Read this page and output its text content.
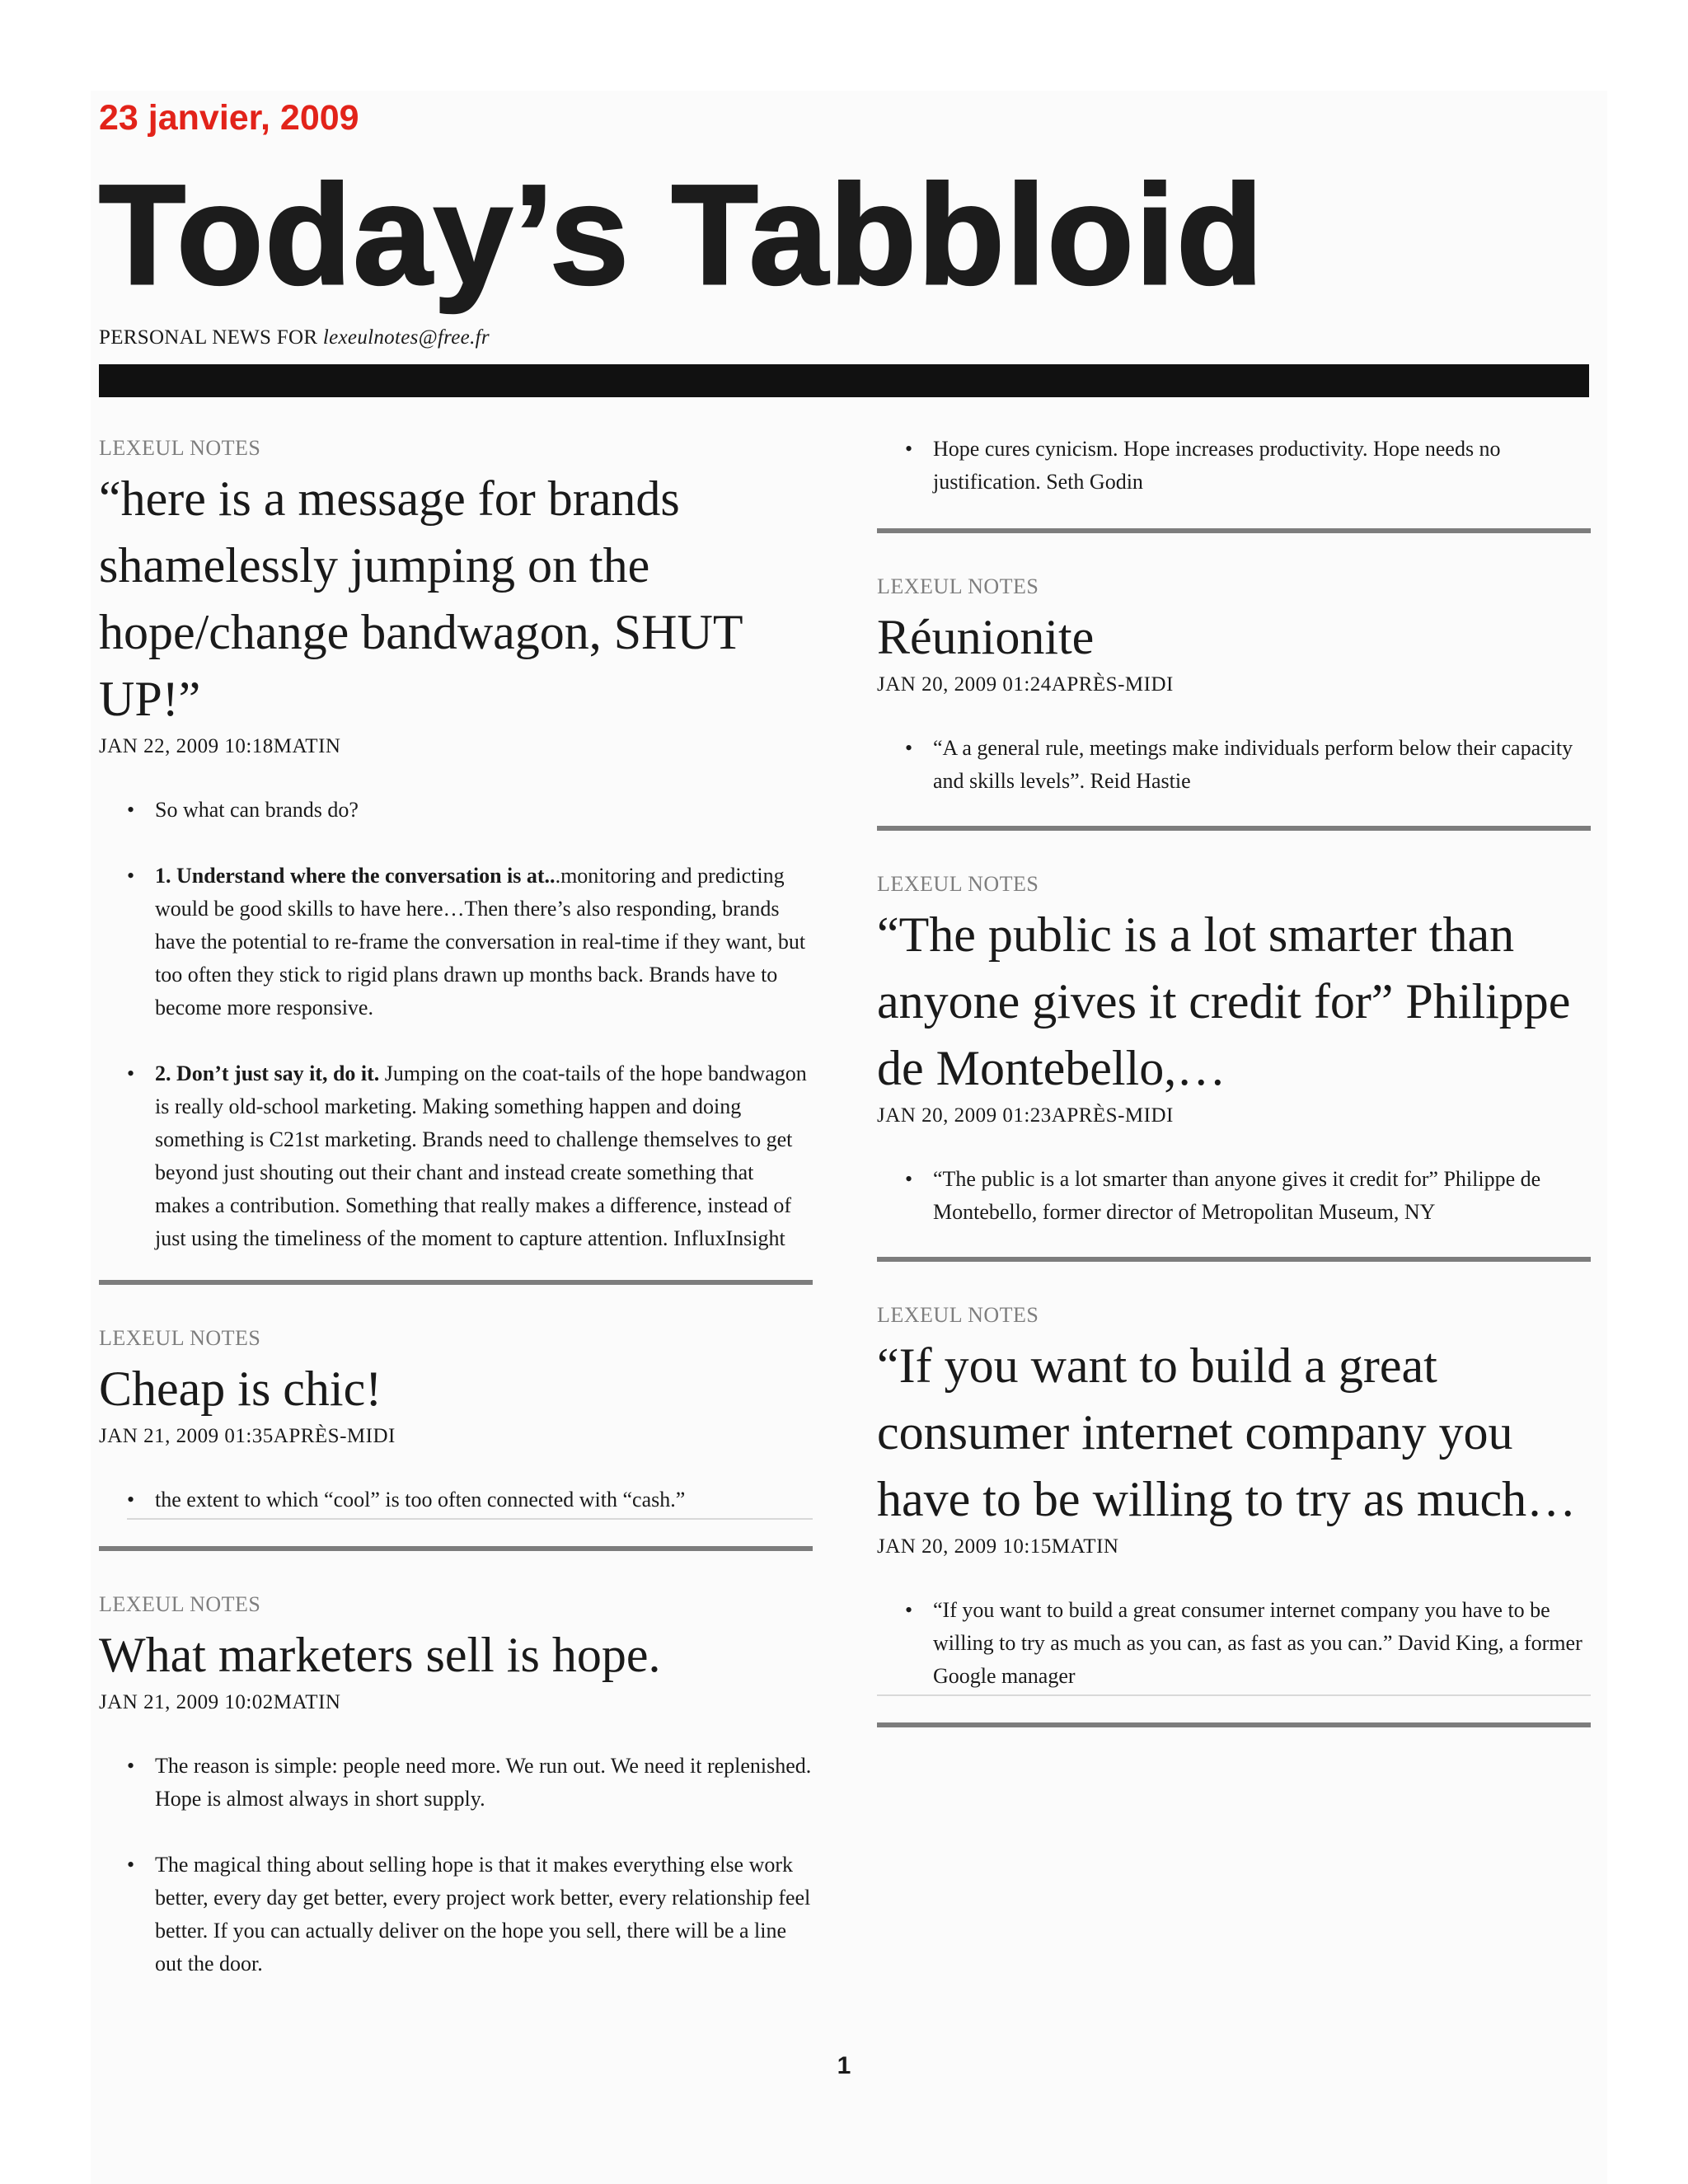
23 janvier, 2009

Today’s Tabbloid
PERSONAL NEWS FOR lexeulnotes@free.fr
LEXEUL NOTES
“here is a message for brands shamelessly jumping on the hope/change bandwagon, SHUT UP!”
JAN 22, 2009 10:18MATIN
• So what can brands do?
• 1. Understand where the conversation is at...monitoring and predicting would be good skills to have here…Then there’s also responding, brands have the potential to re-frame the conversation in real-time if they want, but too often they stick to rigid plans drawn up months back. Brands have to become more responsive.
• 2. Don’t just say it, do it. Jumping on the coat-tails of the hope bandwagon is really old-school marketing. Making something happen and doing something is C21st marketing. Brands need to challenge themselves to get beyond just shouting out their chant and instead create something that makes a contribution. Something that really makes a difference, instead of just using the timeliness of the moment to capture attention. InfluxInsight
LEXEUL NOTES
Cheap is chic!
JAN 21, 2009 01:35APRÈS-MIDI
• the extent to which “cool” is too often connected with “cash.”
LEXEUL NOTES
What marketers sell is hope.
JAN 21, 2009 10:02MATIN
• The reason is simple: people need more. We run out. We need it replenished. Hope is almost always in short supply.
• The magical thing about selling hope is that it makes everything else work better, every day get better, every project work better, every relationship feel better. If you can actually deliver on the hope you sell, there will be a line out the door.
• Hope cures cynicism. Hope increases productivity. Hope needs no justification. Seth Godin
LEXEUL NOTES
Réunionite
JAN 20, 2009 01:24APRÈS-MIDI
• “A a general rule, meetings make individuals perform below their capacity and skills levels”. Reid Hastie
LEXEUL NOTES
“The public is a lot smarter than anyone gives it credit for” Philippe de Montebello,…
JAN 20, 2009 01:23APRÈS-MIDI
• “The public is a lot smarter than anyone gives it credit for” Philippe de Montebello, former director of Metropolitan Museum, NY
LEXEUL NOTES
“If you want to build a great consumer internet company you have to be willing to try as much…
JAN 20, 2009 10:15MATIN
• “If you want to build a great consumer internet company you have to be willing to try as much as you can, as fast as you can.” David King, a former Google manager
1
